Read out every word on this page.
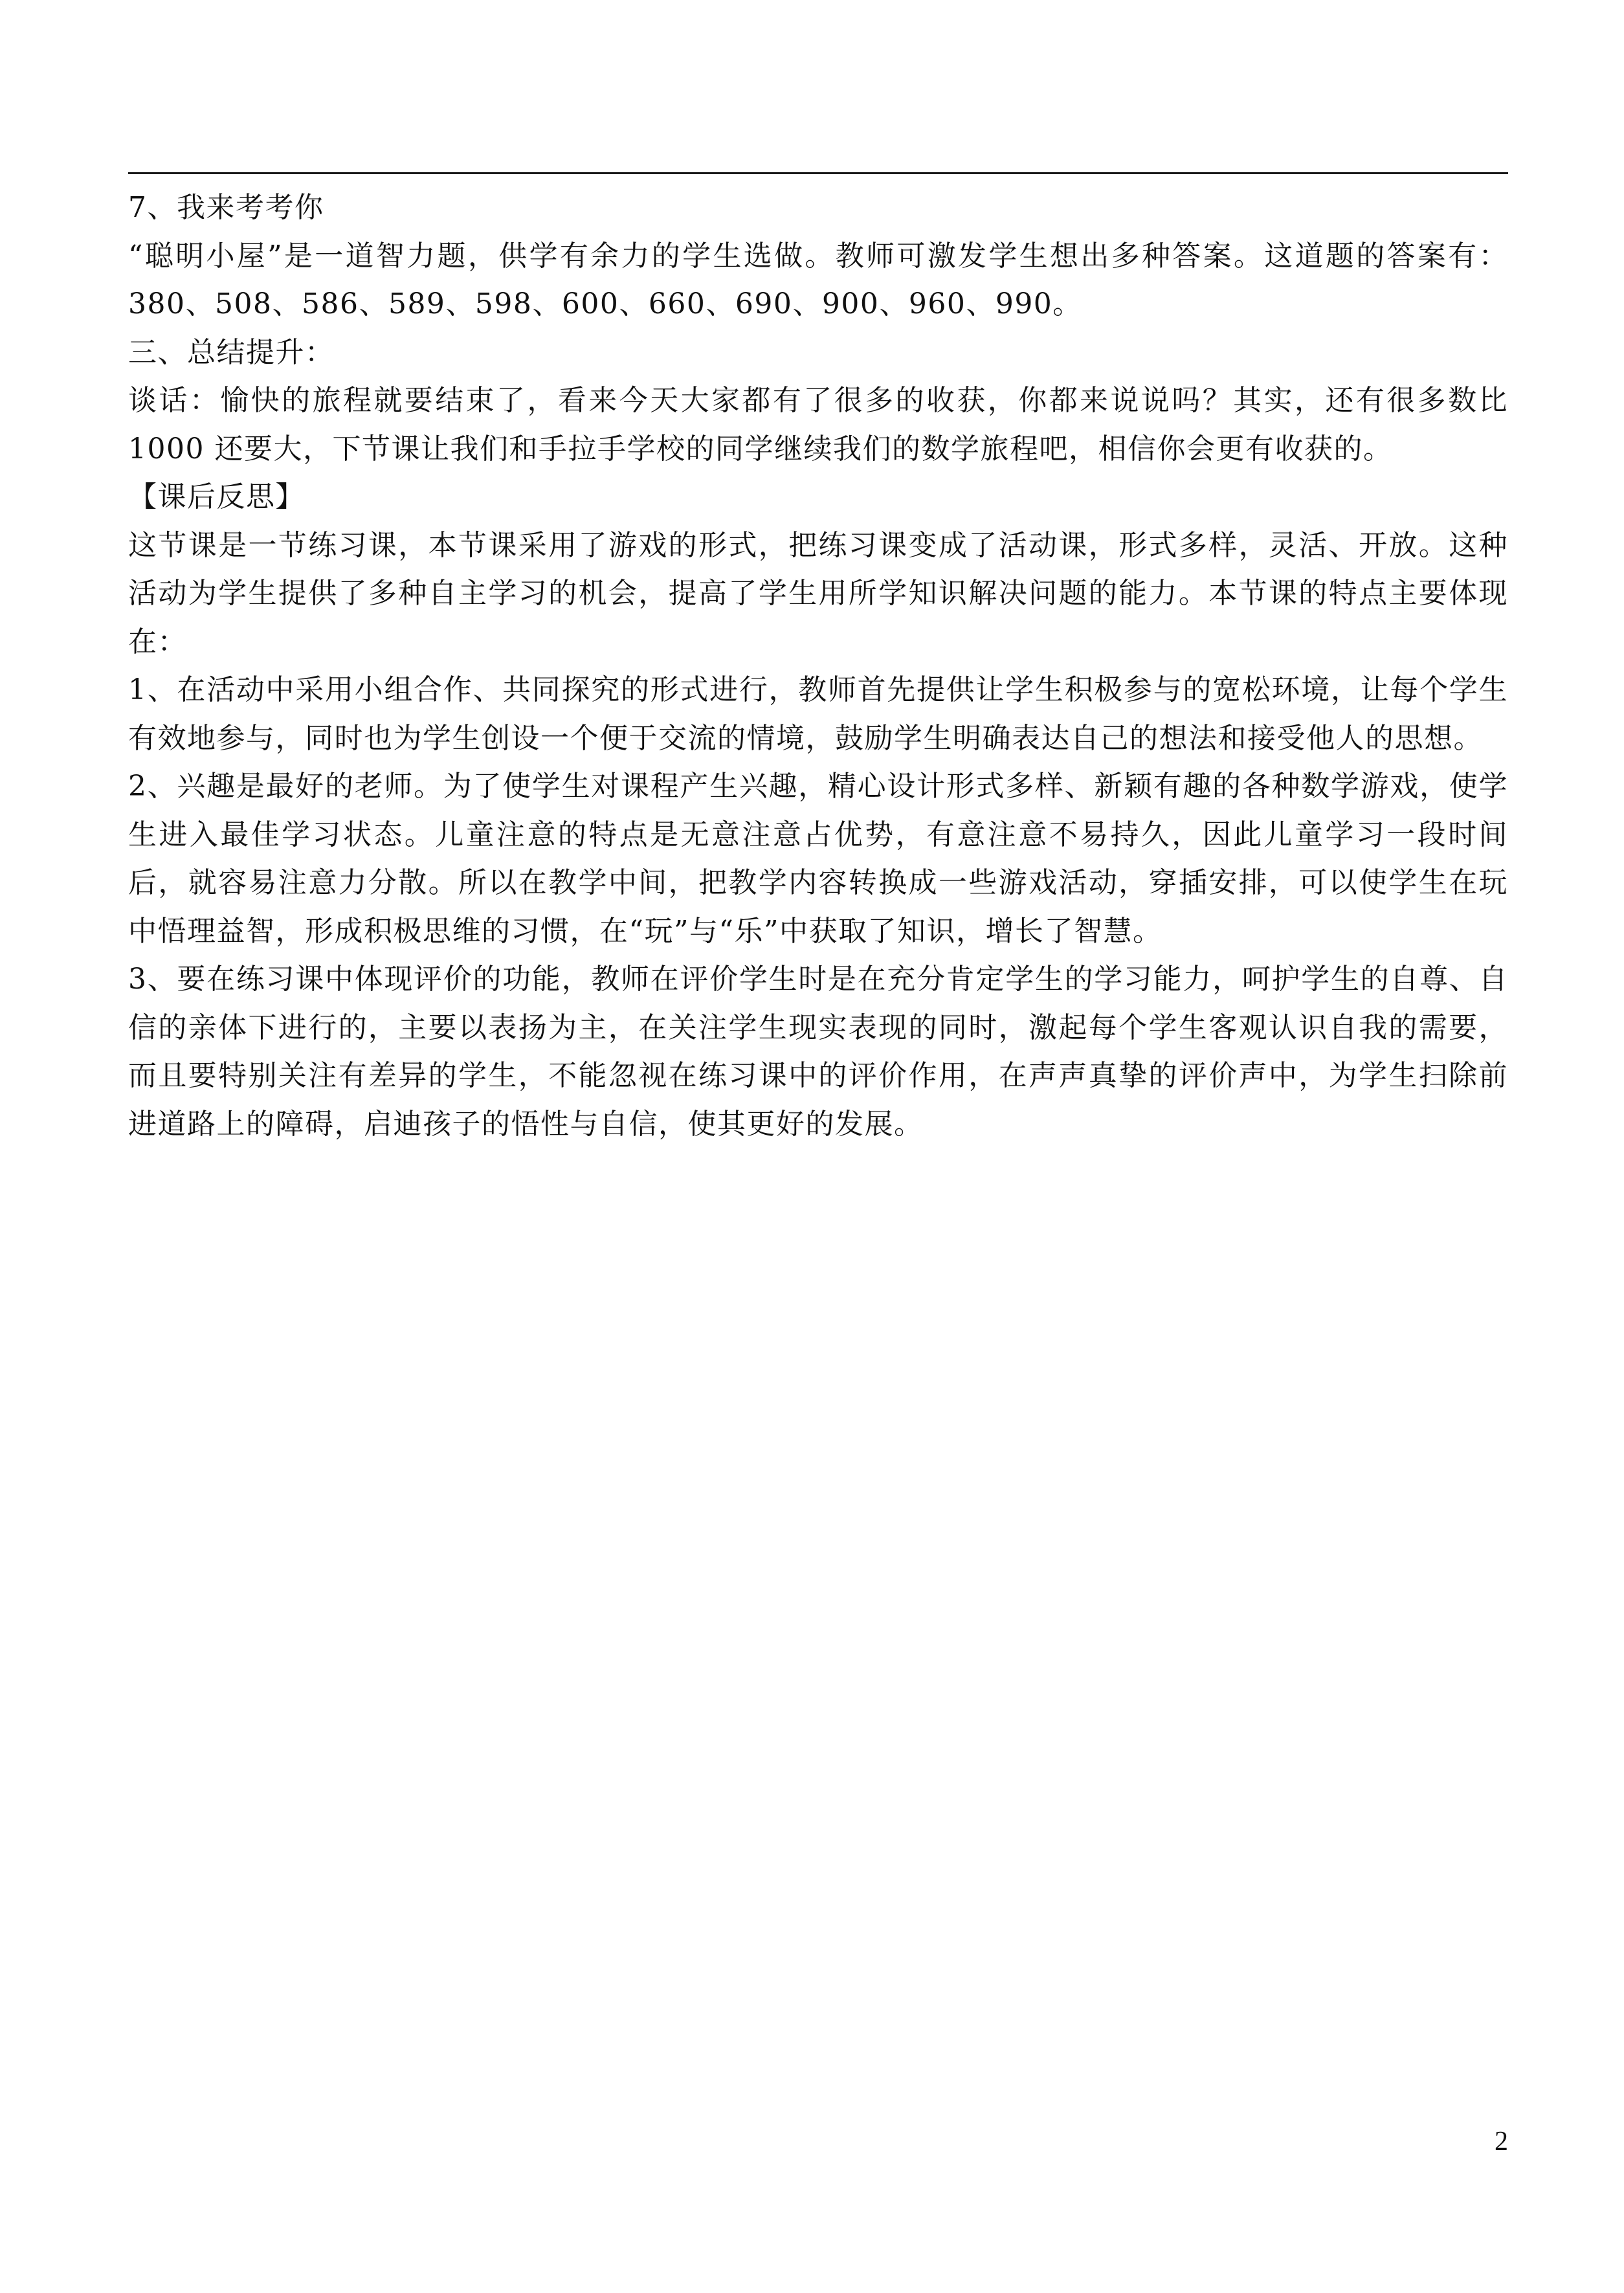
7、我来考考你

“聪明小屋”是一道智力题，供学有余力的学生选做。教师可激发学生想出多种答案。这道题的答案有： 380、508、586、589、598、600、660、690、900、960、990。

三、总结提升：

谈话：愉快的旅程就要结束了，看来今天大家都有了很多的收获，你都来说说吗？其实，还有很多数比 1000 还要大，下节课让我们和手拉手学校的同学继续我们的数学旅程吧，相信你会更有收获的。

【课后反思】

这节课是一节练习课，本节课采用了游戏的形式，把练习课变成了活动课，形式多样，灵活、开放。这种活动为学生提供了多种自主学习的机会，提高了学生用所学知识解决问题的能力。本节课的特点主要体现在：

1、在活动中采用小组合作、共同探究的形式进行，教师首先提供让学生积极参与的宽松环境，让每个学生有效地参与，同时也为学生创设一个便于交流的情境，鼓励学生明确表达自己的想法和接受他人的思想。

2、兴趣是最好的老师。为了使学生对课程产生兴趣，精心设计形式多样、新颖有趣的各种数学游戏，使学生进入最佳学习状态。儿童注意的特点是无意注意占优势，有意注意不易持久，因此儿童学习一段时间后，就容易注意力分散。所以在教学中间，把教学内容转换成一些游戏活动，穿插安排，可以使学生在玩中悟理益智，形成积极思维的习惯，在“玩”与“乐”中获取了知识，增长了智慧。

3、要在练习课中体现评价的功能，教师在评价学生时是在充分肯定学生的学习能力，呵护学生的自尊、自信的亲体下进行的，主要以表扬为主，在关注学生现实表现的同时，激起每个学生客观认识自我的需要，而且要特别关注有差异的学生，不能忽视在练习课中的评价作用，在声声真挚的评价声中，为学生扫除前进道路上的障碍，启迪孩子的悟性与自信，使其更好的发展。

2
